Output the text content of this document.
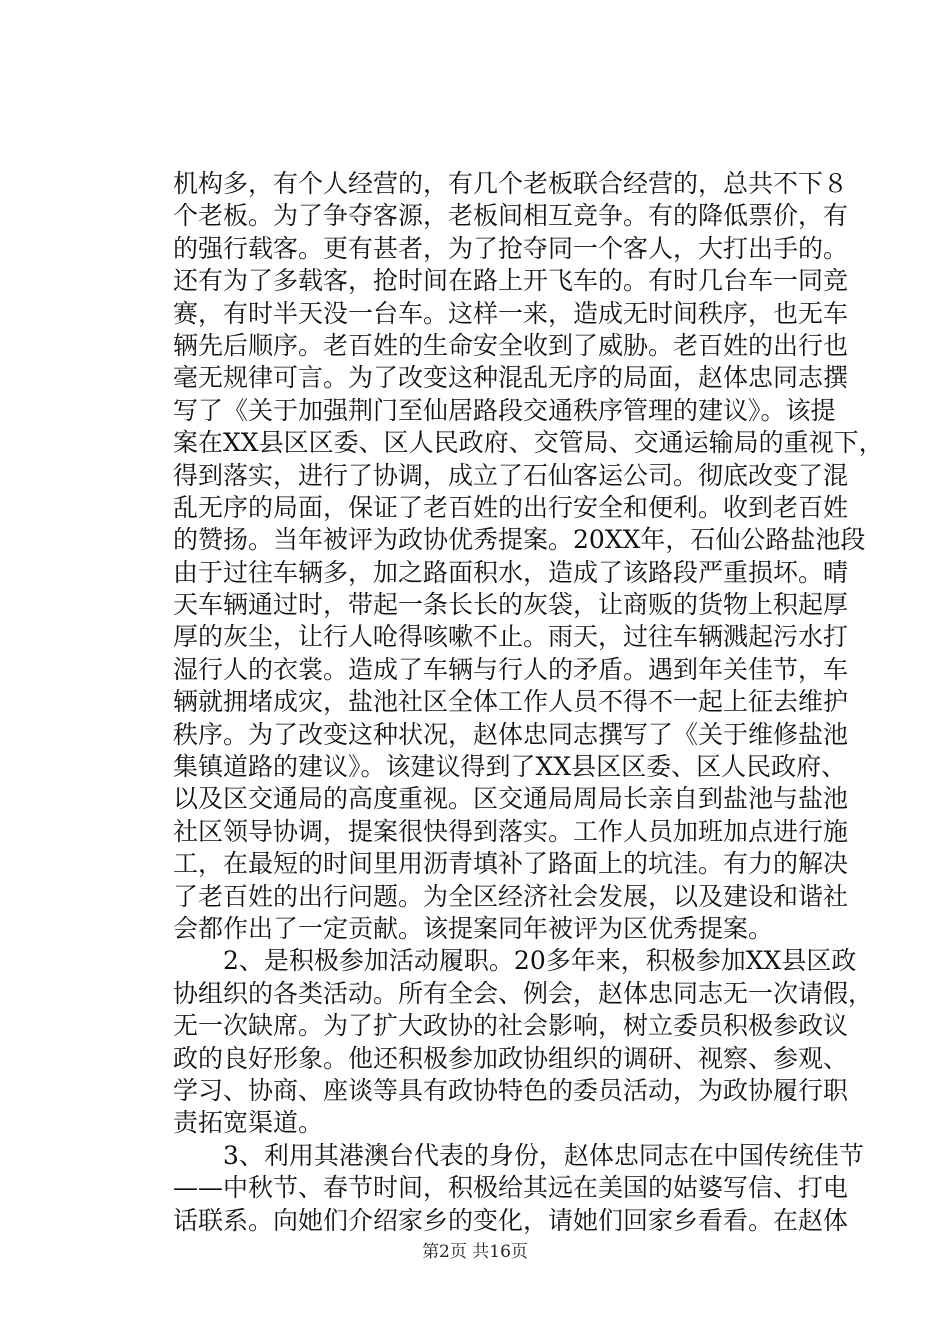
机构多，有个人经营的，有几个老板联合经营的，总共不下８
个老板。为了争夺客源，老板间相互竞争。有的降低票价，有
的强行载客。更有甚者，为了抢夺同一个客人，大打出手的。
还有为了多载客，抢时间在路上开飞车的。有时几台车一同竞
赛，有时半天没一台车。这样一来，造成无时间秩序，也无车
辆先后顺序。老百姓的生命安全收到了威胁。老百姓的出行也
毫无规律可言。为了改变这种混乱无序的局面，赵体忠同志撰
写了《关于加强荆门至仙居路段交通秩序管理的建议》。该提
案在XX县区区委、区人民政府、交管局、交通运输局的重视下，
得到落实，进行了协调，成立了石仙客运公司。彻底改变了混
乱无序的局面，保证了老百姓的出行安全和便利。收到老百姓
的赞扬。当年被评为政协优秀提案。20XX年，石仙公路盐池段
由于过往车辆多，加之路面积水，造成了该路段严重损坏。晴
天车辆通过时，带起一条长长的灰袋，让商贩的货物上积起厚
厚的灰尘，让行人呛得咳嗽不止。雨天，过往车辆溅起污水打
湿行人的衣裳。造成了车辆与行人的矛盾。遇到年关佳节，车
辆就拥堵成灾，盐池社区全体工作人员不得不一起上征去维护
秩序。为了改变这种状况，赵体忠同志撰写了《关于维修盐池
集镇道路的建议》。该建议得到了XX县区区委、区人民政府、
以及区交通局的高度重视。区交通局周局长亲自到盐池与盐池
社区领导协调，提案很快得到落实。工作人员加班加点进行施
工，在最短的时间里用沥青填补了路面上的坑洼。有力的解决
了老百姓的出行问题。为全区经济社会发展，以及建设和谐社
会都作出了一定贡献。该提案同年被评为区优秀提案。
2、是积极参加活动履职。20多年来，积极参加XX县区政
协组织的各类活动。所有全会、例会，赵体忠同志无一次请假，
无一次缺席。为了扩大政协的社会影响，树立委员积极参政议
政的良好形象。他还积极参加政协组织的调研、视察、参观、
学习、协商、座谈等具有政协特色的委员活动，为政协履行职
责拓宽渠道。
3、利用其港澳台代表的身份，赵体忠同志在中国传统佳节
——中秋节、春节时间，积极给其远在美国的姑婆写信、打电
话联系。向她们介绍家乡的变化，请她们回家乡看看。在赵体
第2页 共16页
